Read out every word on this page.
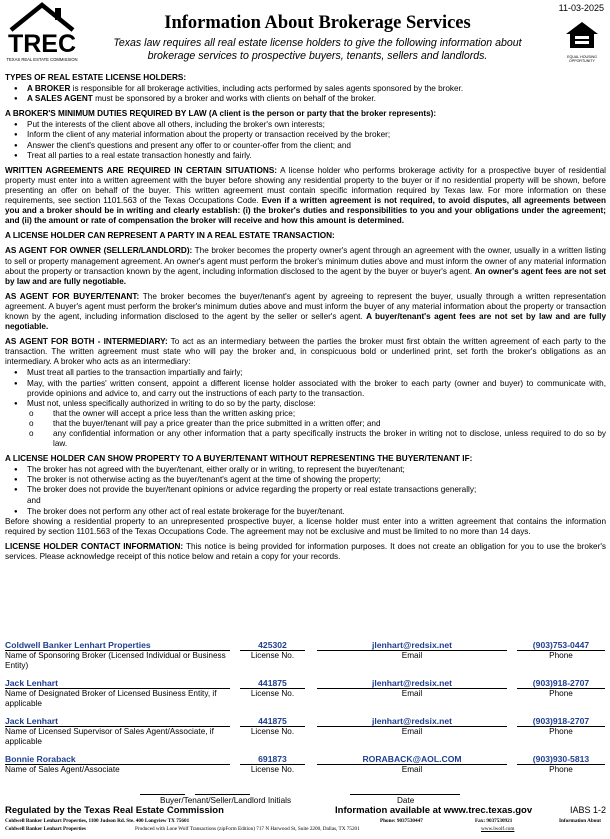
TREC
TEXAS REAL ESTATE COMMISSION
11-03-2025
Information About Brokerage Services
Texas law requires all real estate license holders to give the following information about brokerage services to prospective buyers, tenants, sellers and landlords.	EQUAL HOUSING OPPORTUNITY
TYPES OF REAL ESTATE LICENSE HOLDERS:
● A BROKER is responsible for all brokerage activities, including acts performed by sales agents sponsored by the broker.
● A SALES AGENT must be sponsored by a broker and works with clients on behalf of the broker.
A BROKER'S MINIMUM DUTIES REQUIRED BY LAW (A client is the person or party that the broker represents):
● Put the interests of the client above all others, including the broker's own interests;
● Inform the client of any material information about the property or transaction received by the broker;
● Answer the client's questions and present any offer to or counter-offer from the client; and
● Treat all parties to a real estate transaction honestly and fairly.
WRITTEN AGREEMENTS ARE REQUIRED IN CERTAIN SITUATIONS: A license holder who performs brokerage activity for a prospective buyer of residential property must enter into a written agreement with the buyer before showing any residential property to the buyer or if no residential property will be shown, before presenting an offer on behalf of the buyer. This written agreement must contain specific information required by Texas law. For more information on these requirements, see section 1101.563 of the Texas Occupations Code. Even if a written agreement is not required, to avoid disputes, all agreements between you and a broker should be in writing and clearly establish: (i) the broker's duties and responsibilities to you and your obligations under the agreement; and (ii) the amount or rate of compensation the broker will receive and how this amount is determined.
A LICENSE HOLDER CAN REPRESENT A PARTY IN A REAL ESTATE TRANSACTION:
AS AGENT FOR OWNER (SELLER/LANDLORD): The broker becomes the property owner's agent through an agreement with the owner, usually in a written listing to sell or property management agreement. An owner's agent must perform the broker's minimum duties above and must inform the owner of any material information about the property or transaction known by the agent, including information disclosed to the agent by the buyer or buyer's agent. An owner's agent fees are not set by law and are fully negotiable.
AS AGENT FOR BUYER/TENANT: The broker becomes the buyer/tenant's agent by agreeing to represent the buyer, usually through a written representation agreement. A buyer's agent must perform the broker's minimum duties above and must inform the buyer of any material information about the property or transaction known by the agent, including information disclosed to the agent by the seller or seller's agent. A buyer/tenant's agent fees are not set by law and are fully negotiable.
AS AGENT FOR BOTH - INTERMEDIARY: To act as an intermediary between the parties the broker must first obtain the written agreement of each party to the transaction. The written agreement must state who will pay the broker and, in conspicuous bold or underlined print, set forth the broker's obligations as an intermediary. A broker who acts as an intermediary:
● Must treat all parties to the transaction impartially and fairly;
● May, with the parties' written consent, appoint a different license holder associated with the broker to each party (owner and buyer) to communicate with, provide opinions and advice to, and carry out the instructions of each party to the transaction.
● Must not, unless specifically authorized in writing to do so by the party, disclose:
o that the owner will accept a price less than the written asking price;
o that the buyer/tenant will pay a price greater than the price submitted in a written offer; and
o any confidential information or any other information that a party specifically instructs the broker in writing not to disclose, unless required to do so by law.
A LICENSE HOLDER CAN SHOW PROPERTY TO A BUYER/TENANT WITHOUT REPRESENTING THE BUYER/TENANT IF:
● The broker has not agreed with the buyer/tenant, either orally or in writing, to represent the buyer/tenant;
● The broker is not otherwise acting as the buyer/tenant's agent at the time of showing the property;
● The broker does not provide the buyer/tenant opinions or advice regarding the property or real estate transactions generally;
and
● The broker does not perform any other act of real estate brokerage for the buyer/tenant.
Before showing a residential property to an unrepresented prospective buyer, a license holder must enter into a written agreement that contains the information required by section 1101.563 of the Texas Occupations Code. The agreement may not be exclusive and must be limited to no more than 14 days.
LICENSE HOLDER CONTACT INFORMATION: This notice is being provided for information purposes. It does not create an obligation for you to use the broker's services. Please acknowledge receipt of this notice below and retain a copy for your records.
Coldwell Banker Lenhart Properties	425302	jlenhart@redsix.net	(903)753-0447
Name of Sponsoring Broker (Licensed Individual or Business Entity)
License No.	Email	Phone
Jack Lenhart	441875	jlenhart@redsix.net	(903)918-2707
Name of Designated Broker of Licensed Business Entity, if applicable
License No.	Email	Phone
Jack Lenhart	441875	jlenhart@redsix.net	(903)918-2707
Name of Licensed Supervisor of Sales Agent/Associate, if applicable
License No.	Email	Phone
Bonnie Roraback	691873	RORABACK@AOL.COM	(903)930-5813
Name of Sales Agent/Associate	License No.	Email	Phone
Buyer/Tenant/Seller/Landlord Initials	Date
Regulated by the Texas Real Estate Commission	Information available at www.trec.texas.gov	IABS 1-2
Coldwell Banker Lenhart Properties, 1100 Judson Rd. Ste. 400 Longview TX 75601	Phone: 9037530447	Fax: 9037530921	Information About
Coldwell Banker Lenhart Properties	Produced with Lone Wolf Transactions (zipForm Edition) 717 N Harwood St, Suite 2200, Dallas, TX 75201	www.lwolf.com
